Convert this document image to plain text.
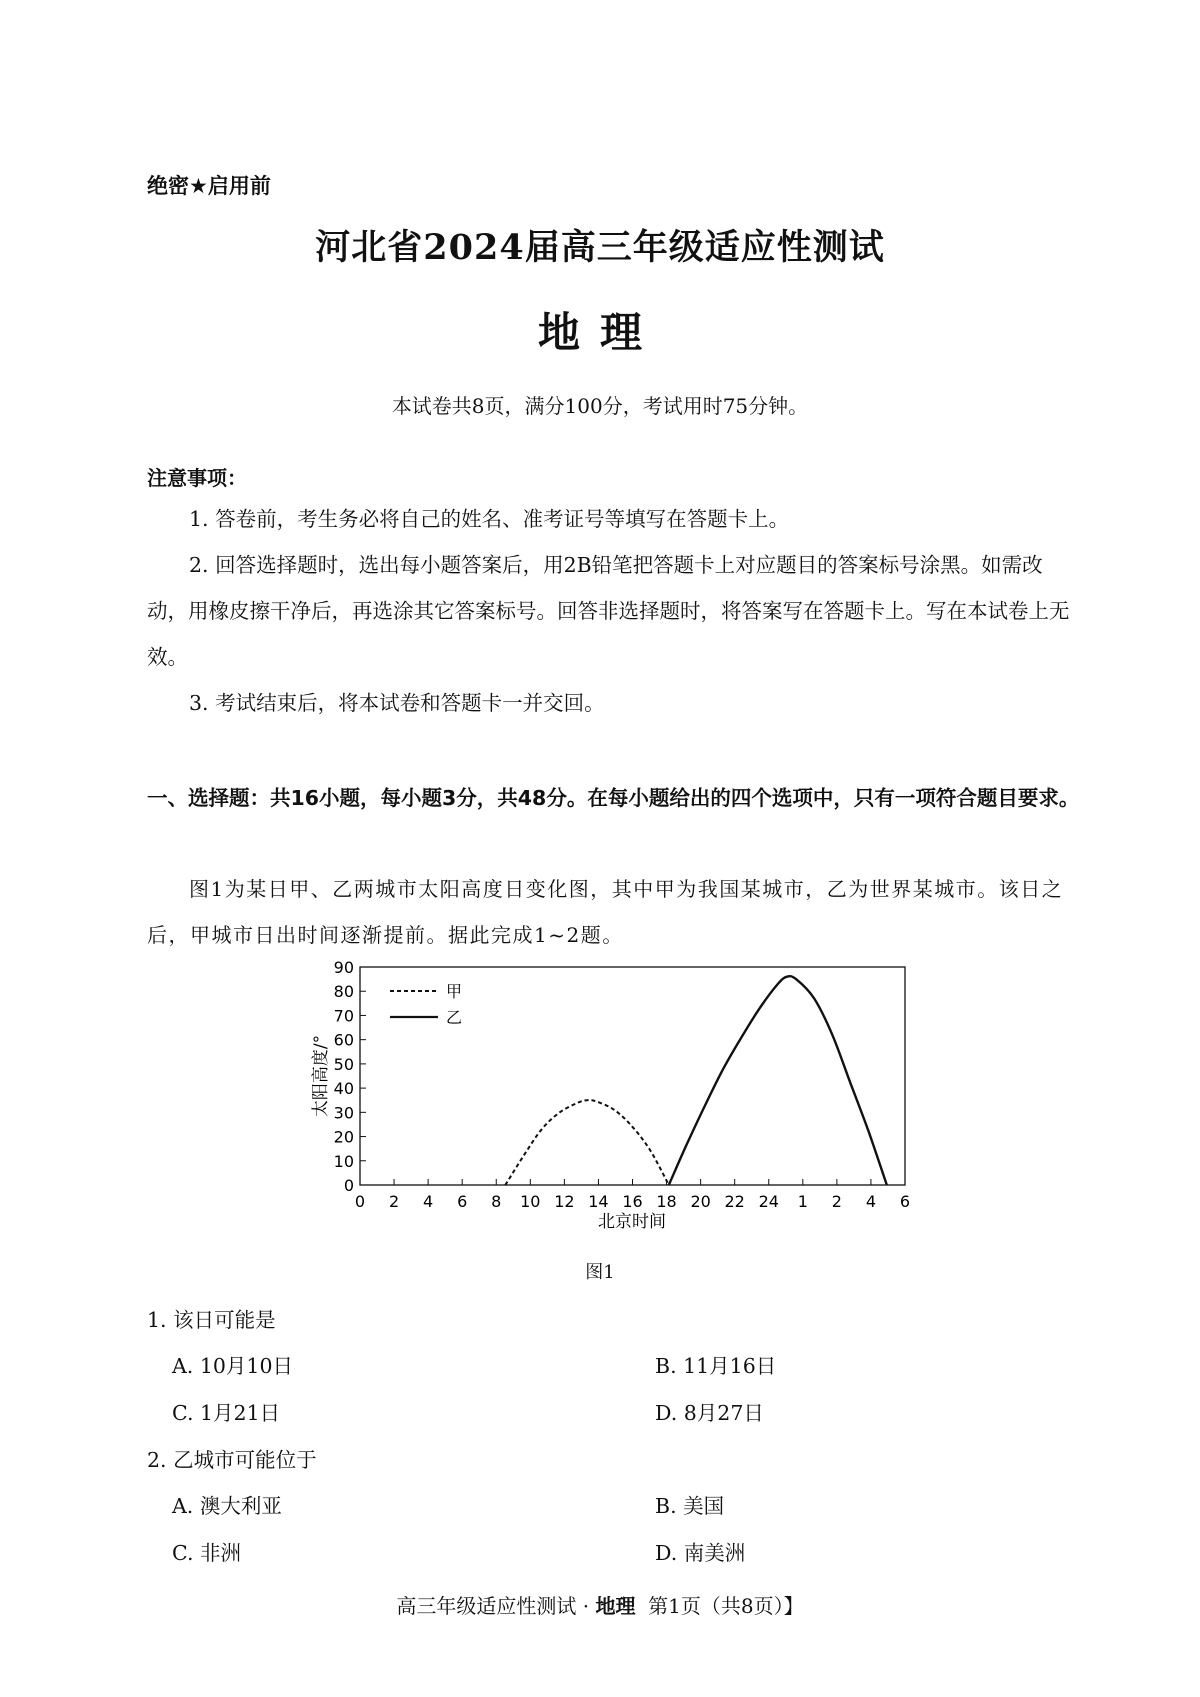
绝密★启用前
河北省2024届高三年级适应性测试
地理
本试卷共8页，满分100分，考试用时75分钟。
注意事项：
1. 答卷前，考生务必将自己的姓名、准考证号等填写在答题卡上。
2. 回答选择题时，选出每小题答案后，用2B铅笔把答题卡上对应题目的答案标号涂黑。如需改动，用橡皮擦干净后，再选涂其它答案标号。回答非选择题时，将答案写在答题卡上。写在本试卷上无效。
3. 考试结束后，将本试卷和答题卡一并交回。
一、选择题：共16小题，每小题3分，共48分。在每小题给出的四个选项中，只有一项符合题目要求。
图1为某日甲、乙两城市太阳高度日变化图，其中甲为我国某城市，乙为世界某城市。该日之后，甲城市日出时间逐渐提前。据此完成1~2题。
0
10
20
30
40
50
60
70
80
90
0 2 4 6 8 10 12 14 16 18 20 22 24 1 2 4 6
甲
乙
太阳高度/°
北京时间
图1
1. 该日可能是
A. 10月10日	B. 11月16日
C. 1月21日	D. 8月27日
2. 乙城市可能位于
A. 澳大利亚	B. 美国
C. 非洲	D. 南美洲
高三年级适应性测试 · 地理 第1页（共8页）】
